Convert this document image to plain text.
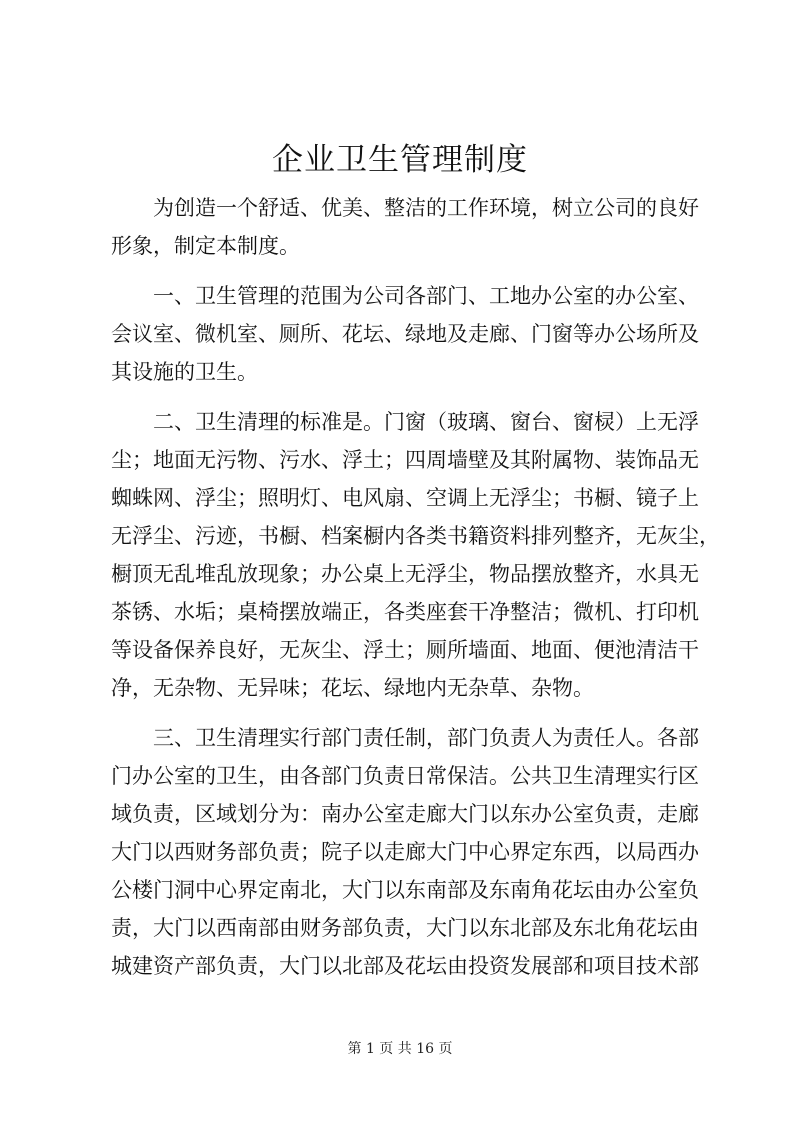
企业卫生管理制度
为创造一个舒适、优美、整洁的工作环境，树立公司的良好
形象，制定本制度。
一、卫生管理的范围为公司各部门、工地办公室的办公室、
会议室、微机室、厕所、花坛、绿地及走廊、门窗等办公场所及
其设施的卫生。
二、卫生清理的标准是。门窗（玻璃、窗台、窗棂）上无浮
尘；地面无污物、污水、浮土；四周墙壁及其附属物、装饰品无
蜘蛛网、浮尘；照明灯、电风扇、空调上无浮尘；书橱、镜子上
无浮尘、污迹，书橱、档案橱内各类书籍资料排列整齐，无灰尘，
橱顶无乱堆乱放现象；办公桌上无浮尘，物品摆放整齐，水具无
茶锈、水垢；桌椅摆放端正，各类座套干净整洁；微机、打印机
等设备保养良好，无灰尘、浮土；厕所墙面、地面、便池清洁干
净，无杂物、无异味；花坛、绿地内无杂草、杂物。
三、卫生清理实行部门责任制，部门负责人为责任人。各部
门办公室的卫生，由各部门负责日常保洁。公共卫生清理实行区
域负责，区域划分为：南办公室走廊大门以东办公室负责，走廊
大门以西财务部负责；院子以走廊大门中心界定东西，以局西办
公楼门洞中心界定南北，大门以东南部及东南角花坛由办公室负
责，大门以西南部由财务部负责，大门以东北部及东北角花坛由
城建资产部负责，大门以北部及花坛由投资发展部和项目技术部
第 1 页 共 16 页
